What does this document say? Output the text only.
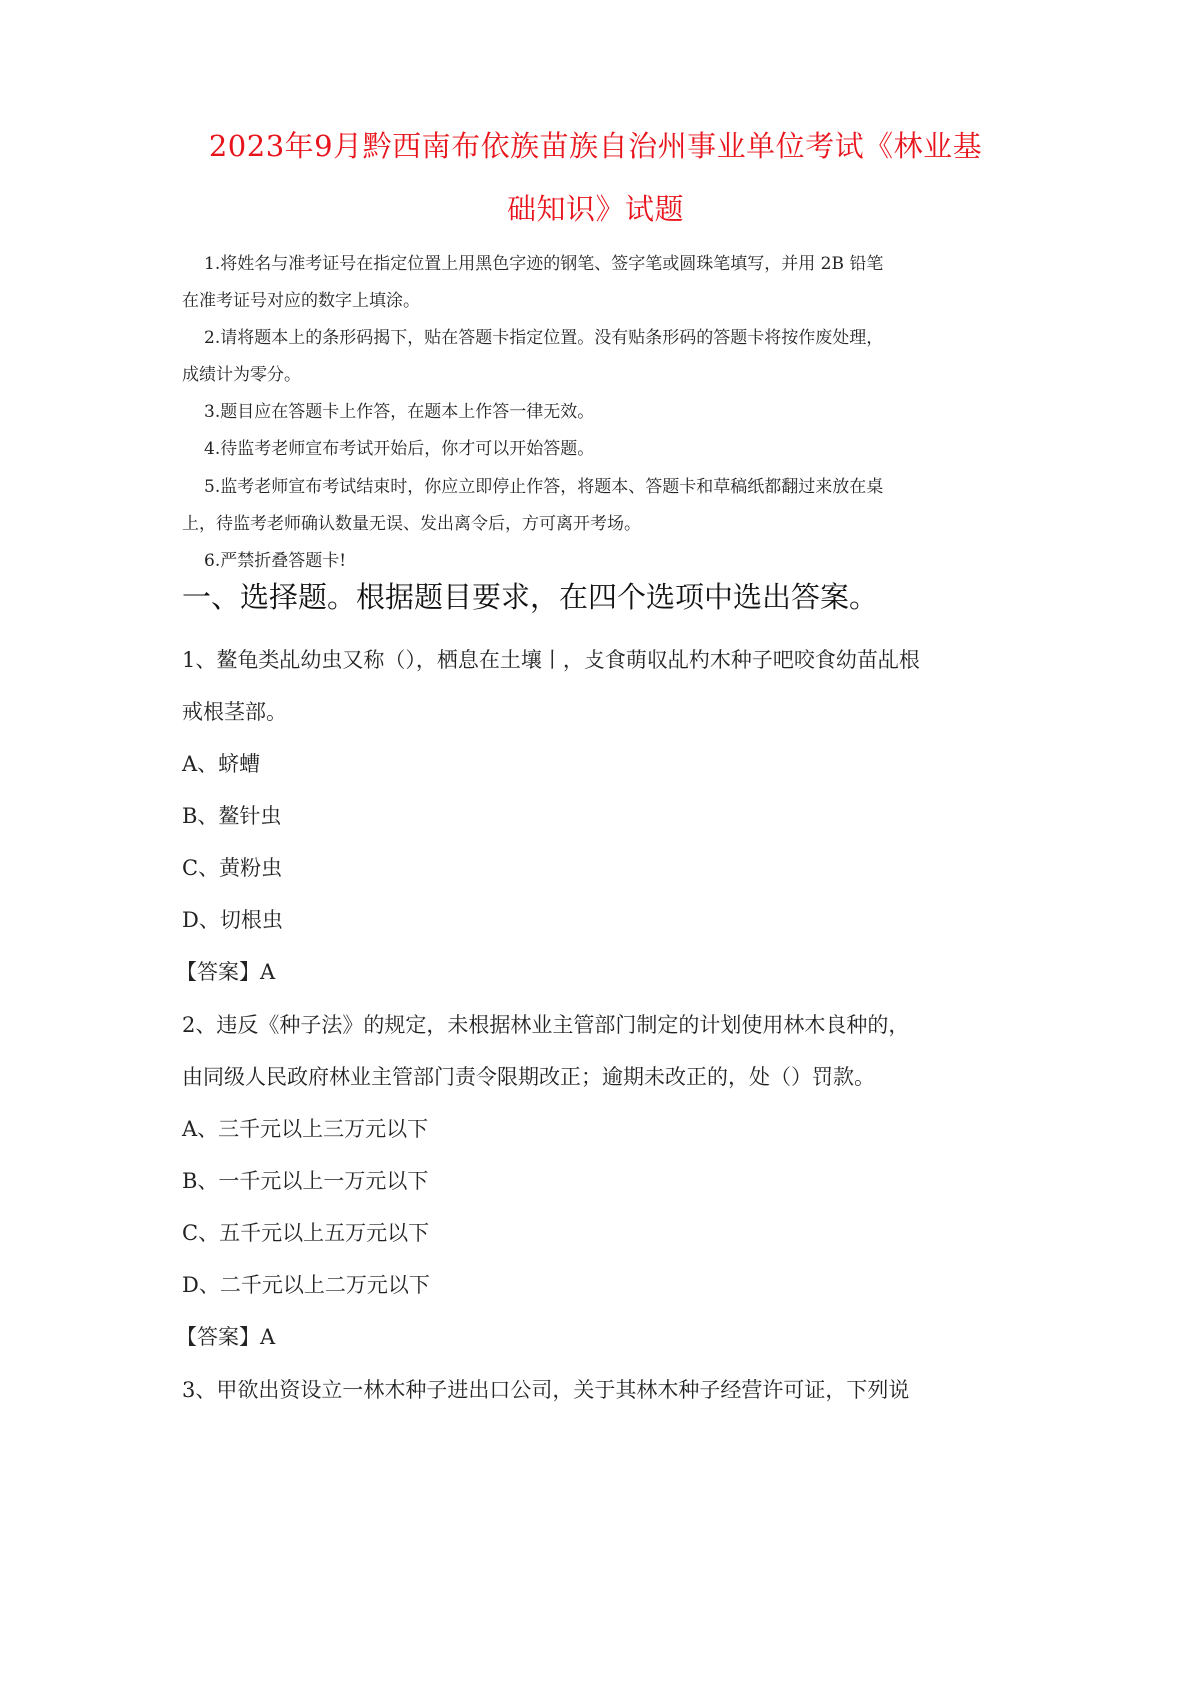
2023年9月黔西南布依族苗族自治州事业单位考试《林业基
础知识》试题

1.将姓名与准考证号在指定位置上用黑色字迹的钢笔、签字笔或圆珠笔填写，并用 2B 铅笔

在准考证号对应的数字上填涂。

2.请将题本上的条形码揭下，贴在答题卡指定位置。没有贴条形码的答题卡将按作废处理，

成绩计为零分。

3.题目应在答题卡上作答，在题本上作答一律无效。

4.待监考老师宣布考试开始后，你才可以开始答题。

5.监考老师宣布考试结束时，你应立即停止作答，将题本、答题卡和草稿纸都翻过来放在桌

上，待监考老师确认数量无误、发出离令后，方可离开考场。

6.严禁折叠答题卡!

一、选择题。根据题目要求，在四个选项中选出答案。

1、鳌龟类乩幼虫又称（），栖息在土壤丨，攴食萌収乩杓木种子吧咬食幼苗乩根

戒根茎部。

A、蛴螬

B、鳌针虫

C、黄粉虫

D、切根虫

【答案】A

2、违反《种子法》的规定，未根据林业主管部门制定的计划使用林木良种的，

由同级人民政府林业主管部门责令限期改正；逾期未改正的，处（）罚款。

A、三千元以上三万元以下

B、一千元以上一万元以下

C、五千元以上五万元以下

D、二千元以上二万元以下

【答案】A

3、甲欲出资设立一林木种子进出口公司，关于其林木种子经营许可证，下列说
